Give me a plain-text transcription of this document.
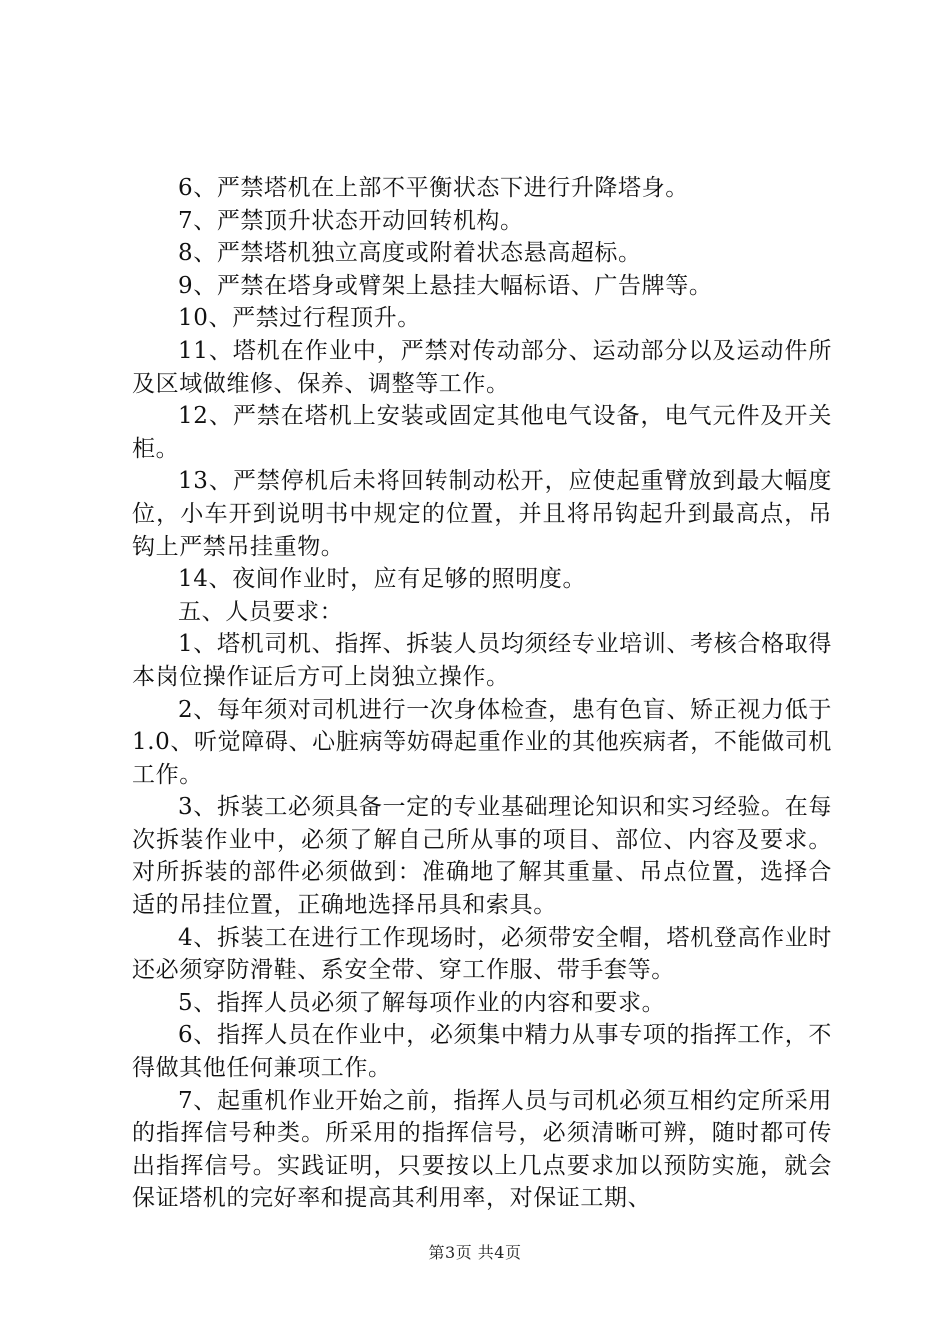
6、严禁塔机在上部不平衡状态下进行升降塔身。

7、严禁顶升状态开动回转机构。

8、严禁塔机独立高度或附着状态悬高超标。

9、严禁在塔身或臂架上悬挂大幅标语、广告牌等。

10、严禁过行程顶升。

11、塔机在作业中，严禁对传动部分、运动部分以及运动件所及区域做维修、保养、调整等工作。

12、严禁在塔机上安装或固定其他电气设备，电气元件及开关柜。

13、严禁停机后未将回转制动松开，应使起重臂放到最大幅度位，小车开到说明书中规定的位置，并且将吊钩起升到最高点，吊钩上严禁吊挂重物。

14、夜间作业时，应有足够的照明度。

五、人员要求：

1、塔机司机、指挥、拆装人员均须经专业培训、考核合格取得本岗位操作证后方可上岗独立操作。

2、每年须对司机进行一次身体检查，患有色盲、矫正视力低于1.0、听觉障碍、心脏病等妨碍起重作业的其他疾病者，不能做司机工作。

3、拆装工必须具备一定的专业基础理论知识和实习经验。在每次拆装作业中，必须了解自己所从事的项目、部位、内容及要求。对所拆装的部件必须做到：准确地了解其重量、吊点位置，选择合适的吊挂位置，正确地选择吊具和索具。

4、拆装工在进行工作现场时，必须带安全帽，塔机登高作业时还必须穿防滑鞋、系安全带、穿工作服、带手套等。

5、指挥人员必须了解每项作业的内容和要求。

6、指挥人员在作业中，必须集中精力从事专项的指挥工作，不得做其他任何兼项工作。

7、起重机作业开始之前，指挥人员与司机必须互相约定所采用的指挥信号种类。所采用的指挥信号，必须清晰可辨，随时都可传出指挥信号。实践证明，只要按以上几点要求加以预防实施，就会保证塔机的完好率和提高其利用率，对保证工期、

第3页 共4页
